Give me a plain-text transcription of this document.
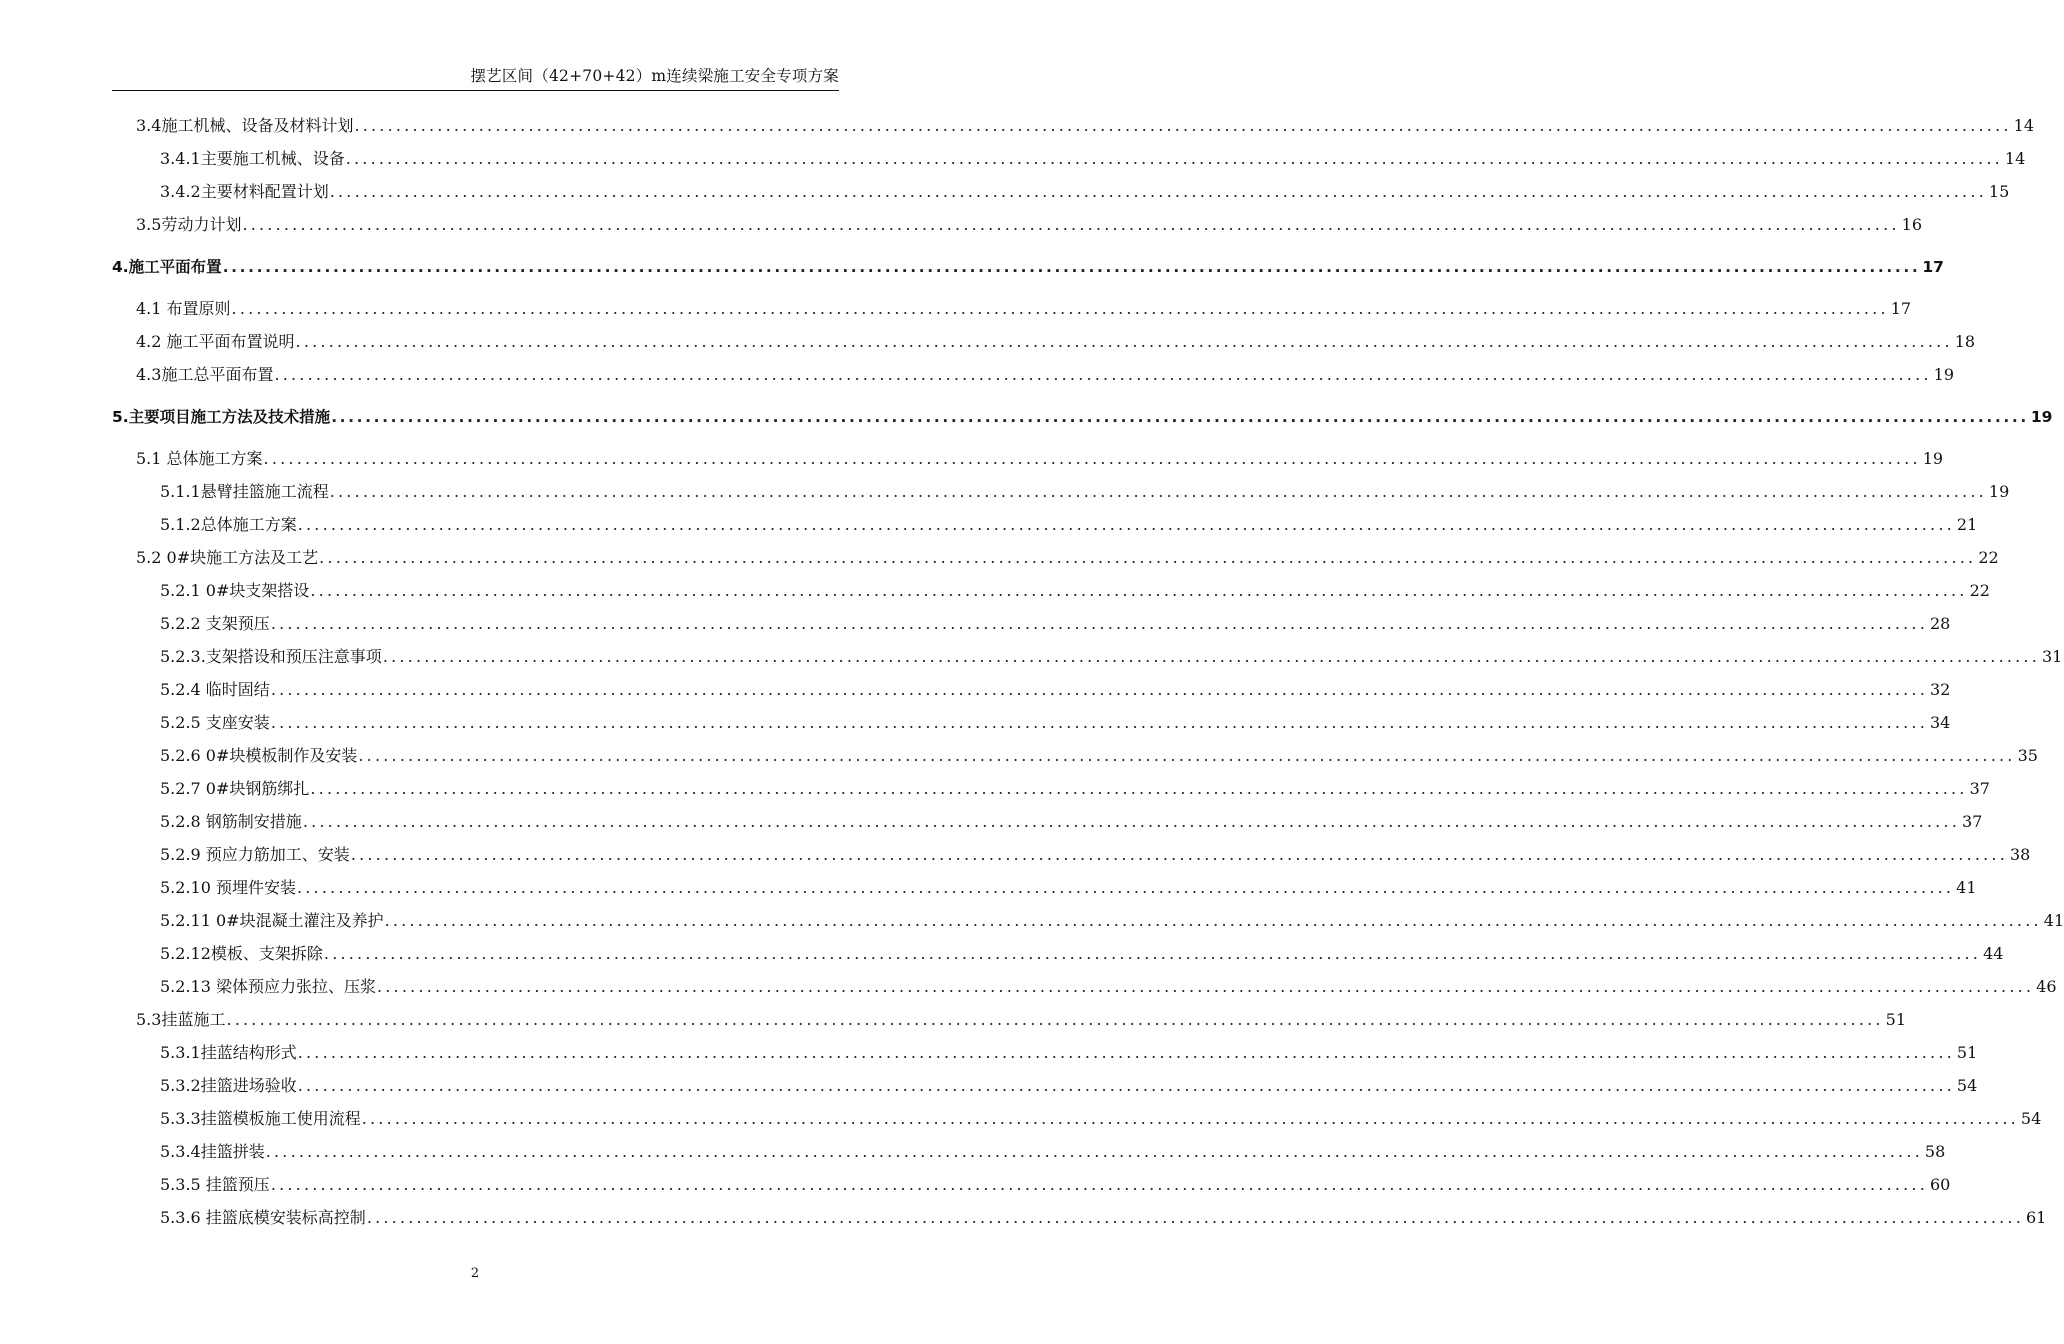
摆艺区间（42+70+42）m连续梁施工安全专项方案
3.4施工机械、设备及材料计划 ........................................................................................................................................................................................................ 14
3.4.1主要施工机械、设备 ........................................................................................................................................................................................................ 14
3.4.2主要材料配置计划 ........................................................................................................................................................................................................ 15
3.5劳动力计划 ........................................................................................................................................................................................................ 16
4.施工平面布置 ........................................................................................................................................................................................................ 17
4.1 布置原则 ........................................................................................................................................................................................................ 17
4.2 施工平面布置说明 ........................................................................................................................................................................................................ 18
4.3施工总平面布置 ........................................................................................................................................................................................................ 19
5.主要项目施工方法及技术措施 ........................................................................................................................................................................................................ 19
5.1 总体施工方案 ........................................................................................................................................................................................................ 19
5.1.1悬臂挂篮施工流程 ........................................................................................................................................................................................................ 19
5.1.2总体施工方案 ........................................................................................................................................................................................................ 21
5.2 0#块施工方法及工艺 ........................................................................................................................................................................................................ 22
5.2.1 0#块支架搭设 ........................................................................................................................................................................................................ 22
5.2.2 支架预压 ........................................................................................................................................................................................................ 28
5.2.3.支架搭设和预压注意事项 ........................................................................................................................................................................................................ 31
5.2.4 临时固结 ........................................................................................................................................................................................................ 32
5.2.5 支座安装 ........................................................................................................................................................................................................ 34
5.2.6 0#块模板制作及安装 ........................................................................................................................................................................................................ 35
5.2.7 0#块钢筋绑扎 ........................................................................................................................................................................................................ 37
5.2.8 钢筋制安措施 ........................................................................................................................................................................................................ 37
5.2.9 预应力筋加工、安装 ........................................................................................................................................................................................................ 38
5.2.10 预埋件安装 ........................................................................................................................................................................................................ 41
5.2.11 0#块混凝土灌注及养护 ........................................................................................................................................................................................................ 41
5.2.12模板、支架拆除 ........................................................................................................................................................................................................ 44
5.2.13 梁体预应力张拉、压浆 ........................................................................................................................................................................................................ 46
5.3挂蓝施工 ........................................................................................................................................................................................................ 51
5.3.1挂蓝结构形式 ........................................................................................................................................................................................................ 51
5.3.2挂篮进场验收 ........................................................................................................................................................................................................ 54
5.3.3挂篮模板施工使用流程 ........................................................................................................................................................................................................ 54
5.3.4挂篮拼装 ........................................................................................................................................................................................................ 58
5.3.5 挂篮预压 ........................................................................................................................................................................................................ 60
5.3.6 挂篮底模安装标高控制 ........................................................................................................................................................................................................ 61
2
